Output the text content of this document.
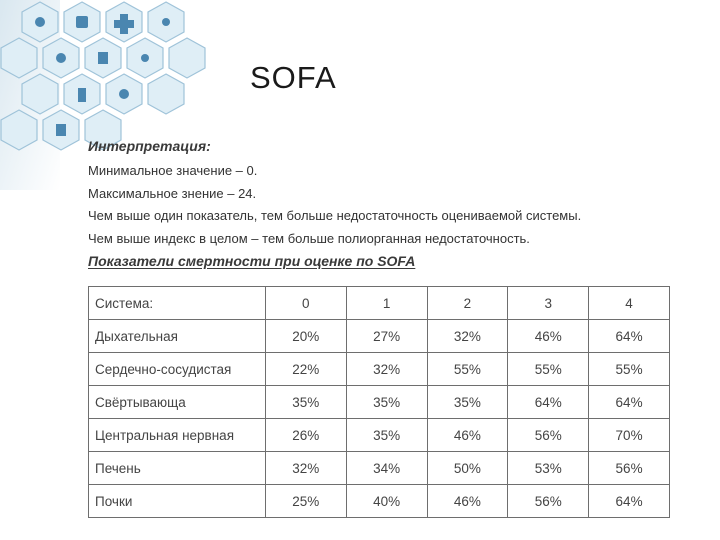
SOFA
Интерпретация:
Минимальное значение – 0.
Максимальное знение – 24.
Чем выше один показатель, тем больше недостаточность оцениваемой системы.
Чем выше индекс в целом – тем больше полиорганная недостаточность.
Показатели смертности при оценке по SOFA
Система:	0	1	2	3	4
Дыхательная	20%	27%	32%	46%	64%
Сердечно-сосудистая	22%	32%	55%	55%	55%
Свёртывающа	35%	35%	35%	64%	64%
Центральная нервная	26%	35%	46%	56%	70%
Печень	32%	34%	50%	53%	56%
Почки	25%	40%	46%	56%	64%
